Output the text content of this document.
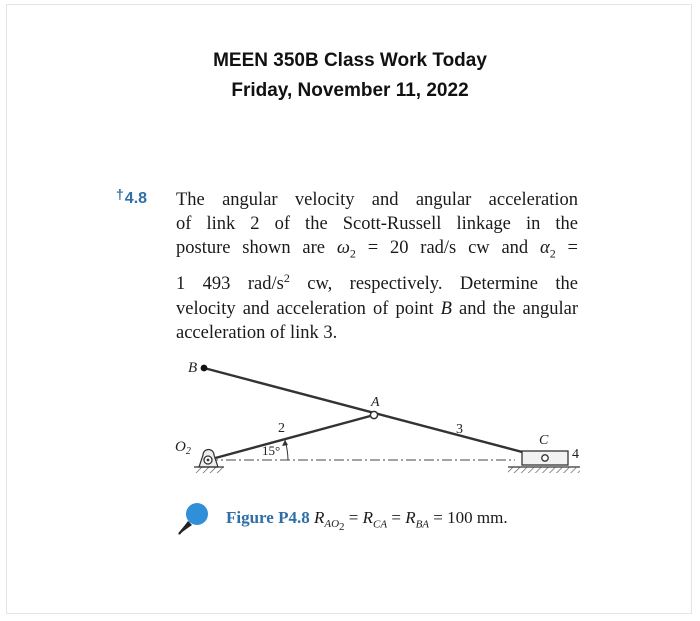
MEEN 350B Class Work Today
Friday, November 11, 2022
†4.8 The angular velocity and angular acceleration
of link 2 of the Scott-Russell linkage in the
posture shown are $\omega_2 = 20$ rad/s cw and $\alpha_2$ =
1 493 rad/$s^2$ cw, respectively. Determine the
velocity and acceleration of point B and the angular
acceleration of link 3.
B
A
C
$O_2$
2	3
4
15°
Figure P4.8 $R_{AO_2} = R_{CA} = R_{BA} = 100$ mm.
